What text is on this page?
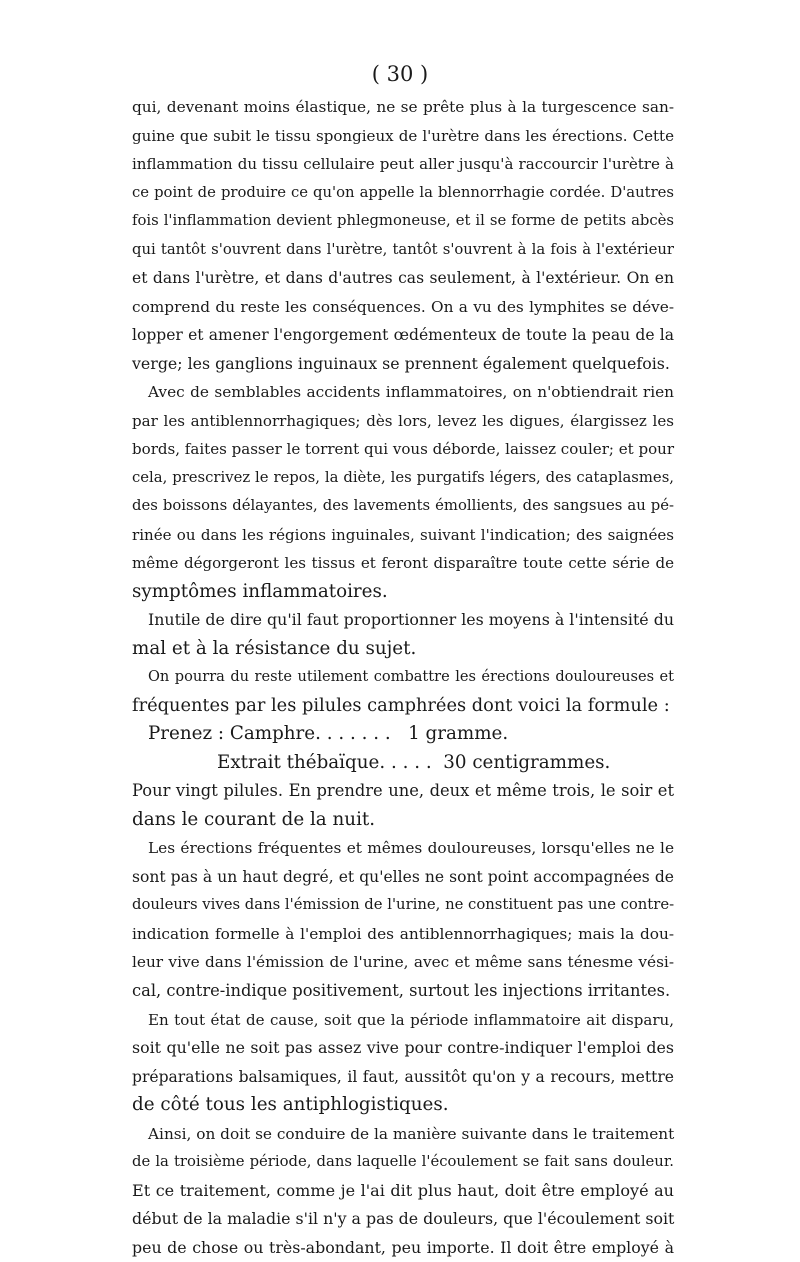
( 30 )
qui, devenant moins élastique, ne se prête plus à la turgescence san-
guine que subit le tissu spongieux de l'urètre dans les érections. Cette
inflammation du tissu cellulaire peut aller jusqu'à raccourcir l'urètre à
ce point de produire ce qu'on appelle la blennorrhagie cordée. D'autres
fois l'inflammation devient phlegmoneuse, et il se forme de petits abcès
qui tantôt s'ouvrent dans l'urètre, tantôt s'ouvrent à la fois à l'extérieur
et dans l'urètre, et dans d'autres cas seulement, à l'extérieur. On en
comprend du reste les conséquences. On a vu des lymphites se déve-
lopper et amener l'engorgement œdémenteux de toute la peau de la
verge; les ganglions inguinaux se prennent également quelquefois.
Avec de semblables accidents inflammatoires, on n'obtiendrait rien
par les antiblennorrhagiques; dès lors, levez les digues, élargissez les
bords, faites passer le torrent qui vous déborde, laissez couler; et pour
cela, prescrivez le repos, la diète, les purgatifs légers, des cataplasmes,
des boissons délayantes, des lavements émollients, des sangsues au pé-
rinée ou dans les régions inguinales, suivant l'indication; des saignées
même dégorgeront les tissus et feront disparaître toute cette série de
symptômes inflammatoires.
Inutile de dire qu'il faut proportionner les moyens à l'intensité du
mal et à la résistance du sujet.
On pourra du reste utilement combattre les érections douloureuses et
fréquentes par les pilules camphrées dont voici la formule :
Prenez : Camphre. . . . . . .   1 gramme.
Extrait thébaïque. . . . .  30 centigrammes.
Pour vingt pilules. En prendre une, deux et même trois, le soir et
dans le courant de la nuit.
Les érections fréquentes et mêmes douloureuses, lorsqu'elles ne le
sont pas à un haut degré, et qu'elles ne sont point accompagnées de
douleurs vives dans l'émission de l'urine, ne constituent pas une contre-
indication formelle à l'emploi des antiblennorrhagiques; mais la dou-
leur vive dans l'émission de l'urine, avec et même sans ténesme vési-
cal, contre-indique positivement, surtout les injections irritantes.
En tout état de cause, soit que la période inflammatoire ait disparu,
soit qu'elle ne soit pas assez vive pour contre-indiquer l'emploi des
préparations balsamiques, il faut, aussitôt qu'on y a recours, mettre
de côté tous les antiphlogistiques.
Ainsi, on doit se conduire de la manière suivante dans le traitement
de la troisième période, dans laquelle l'écoulement se fait sans douleur.
Et ce traitement, comme je l'ai dit plus haut, doit être employé au
début de la maladie s'il n'y a pas de douleurs, que l'écoulement soit
peu de chose ou très-abondant, peu importe. Il doit être employé à
